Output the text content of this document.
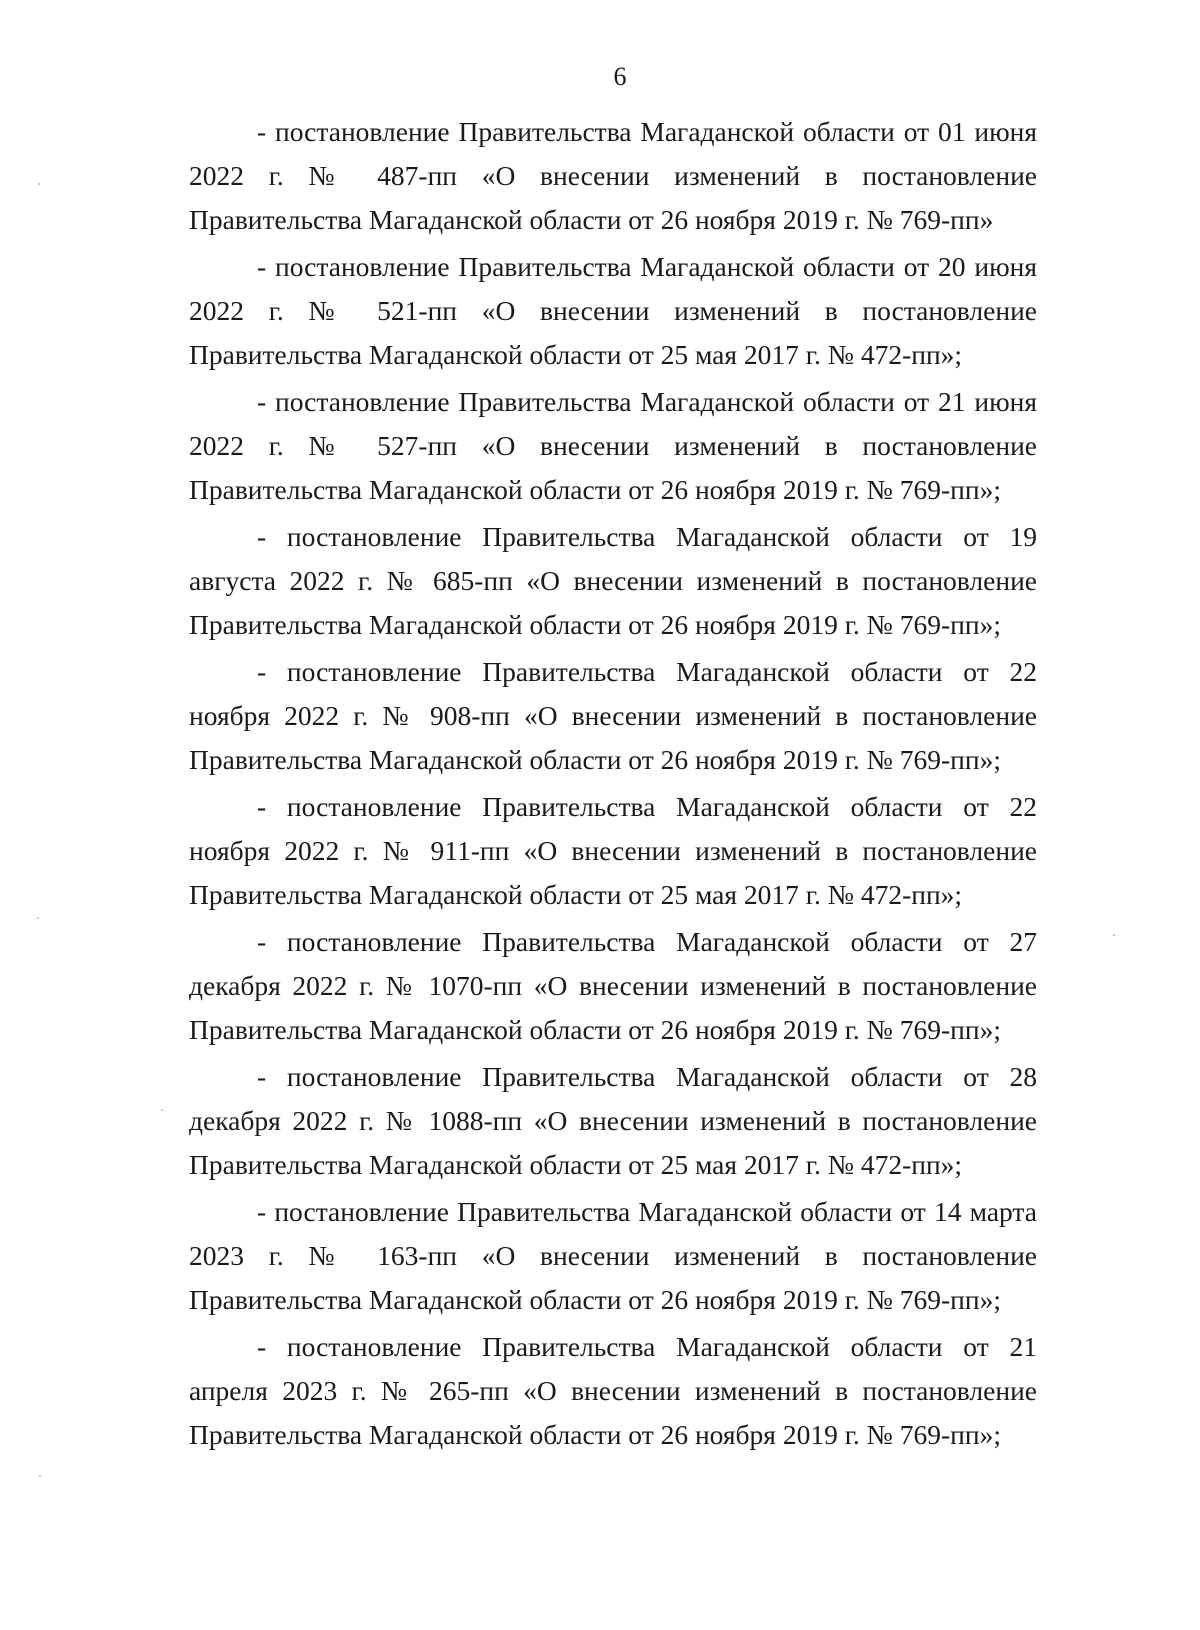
6

- постановление Правительства Магаданской области от 01 июня 2022 г. № 487-пп «О внесении изменений в постановление Правительства Магаданской области от 26 ноября 2019 г. № 769-пп»

- постановление Правительства Магаданской области от 20 июня 2022 г. № 521-пп «О внесении изменений в постановление Правительства Магаданской области от 25 мая 2017 г. № 472-пп»;

- постановление Правительства Магаданской области от 21 июня 2022 г. № 527-пп «О внесении изменений в постановление Правительства Магаданской области от 26 ноября 2019 г. № 769-пп»;

- постановление Правительства Магаданской области от 19 августа 2022 г. № 685-пп «О внесении изменений в постановление Правительства Магаданской области от 26 ноября 2019 г. № 769-пп»;

- постановление Правительства Магаданской области от 22 ноября 2022 г. № 908-пп «О внесении изменений в постановление Правительства Магаданской области от 26 ноября 2019 г. № 769-пп»;

- постановление Правительства Магаданской области от 22 ноября 2022 г. № 911-пп «О внесении изменений в постановление Правительства Магаданской области от 25 мая 2017 г. № 472-пп»;

- постановление Правительства Магаданской области от 27 декабря 2022 г. № 1070-пп «О внесении изменений в постановление Правительства Магаданской области от 26 ноября 2019 г. № 769-пп»;

- постановление Правительства Магаданской области от 28 декабря 2022 г. № 1088-пп «О внесении изменений в постановление Правительства Магаданской области от 25 мая 2017 г. № 472-пп»;

- постановление Правительства Магаданской области от 14 марта 2023 г. № 163-пп «О внесении изменений в постановление Правительства Магаданской области от 26 ноября 2019 г. № 769-пп»;

- постановление Правительства Магаданской области от 21 апреля 2023 г. № 265-пп «О внесении изменений в постановление Правительства Магаданской области от 26 ноября 2019 г. № 769-пп»;
